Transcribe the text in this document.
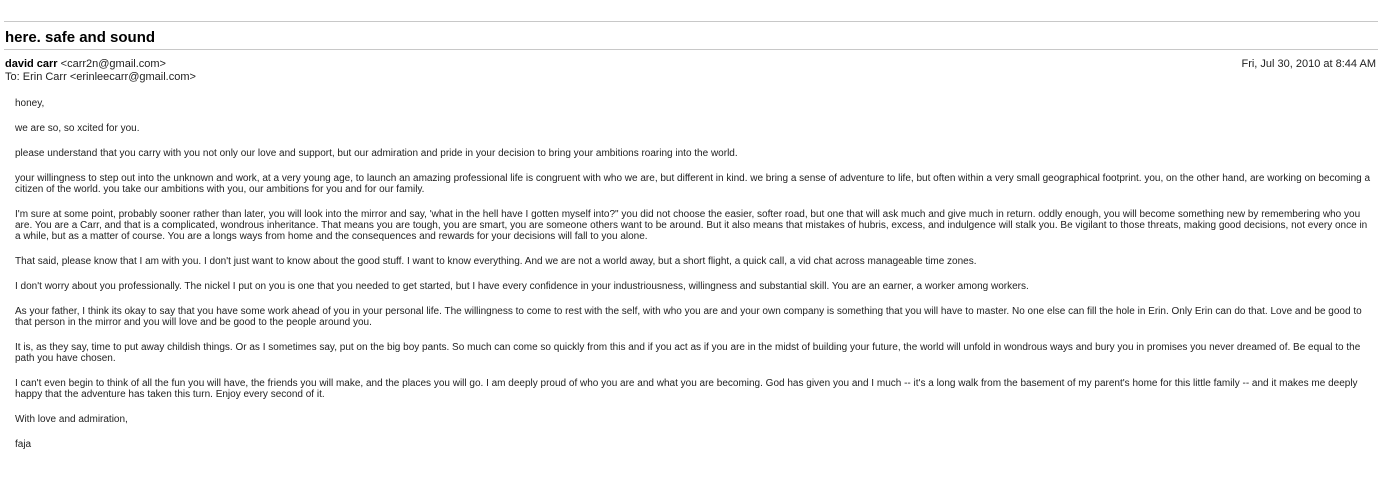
here. safe and sound
david carr <carr2n@gmail.com>
To: Erin Carr <erinleecarr@gmail.com>
Fri, Jul 30, 2010 at 8:44 AM

honey,

we are so, so xcited for you.

please understand that you carry with you not only our love and support, but our admiration and pride in your decision to bring your ambitions roaring into the world.

your willingness to step out into the unknown and work, at a very young age, to launch an amazing professional life is congruent with who we are, but different in kind. we bring a sense of adventure to life, but often within a very small geographical footprint. you, on the other hand, are working on becoming a citizen of the world. you take our ambitions with you, our ambitions for you and for our family.

I'm sure at some point, probably sooner rather than later, you will look into the mirror and say, 'what in the hell have I gotten myself into?" you did not choose the easier, softer road, but one that will ask much and give much in return. oddly enough, you will become something new by remembering who you are. You are a Carr, and that is a complicated, wondrous inheritance. That means you are tough, you are smart, you are someone others want to be around. But it also means that mistakes of hubris, excess, and indulgence will stalk you. Be vigilant to those threats, making good decisions, not every once in a while, but as a matter of course. You are a longs ways from home and the consequences and rewards for your decisions will fall to you alone.

That said, please know that I am with you. I don't just want to know about the good stuff. I want to know everything. And we are not a world away, but a short flight, a quick call, a vid chat across manageable time zones.

I don't worry about you professionally. The nickel I put on you is one that you needed to get started, but I have every confidence in your industriousness, willingness and substantial skill. You are an earner, a worker among workers.

As your father, I think its okay to say that you have some work ahead of you in your personal life. The willingness to come to rest with the self, with who you are and your own company is something that you will have to master. No one else can fill the hole in Erin. Only Erin can do that. Love and be good to that person in the mirror and you will love and be good to the people around you.

It is, as they say, time to put away childish things. Or as I sometimes say, put on the big boy pants. So much can come so quickly from this and if you act as if you are in the midst of building your future, the world will unfold in wondrous ways and bury you in promises you never dreamed of. Be equal to the path you have chosen.

I can't even begin to think of all the fun you will have, the friends you will make, and the places you will go. I am deeply proud of who you are and what you are becoming. God has given you and I much -- it's a long walk from the basement of my parent's home for this little family -- and it makes me deeply happy that the adventure has taken this turn. Enjoy every second of it.

With love and admiration,

faja
